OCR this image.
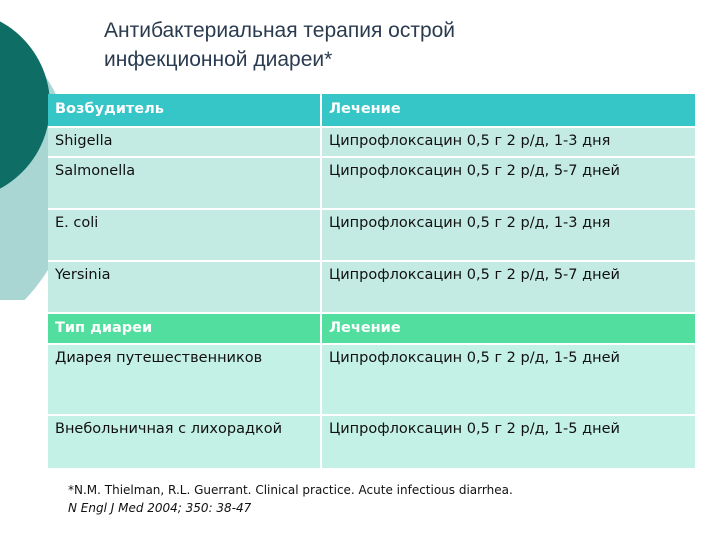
Антибактериальная терапия острой
инфекционной диареи*
Возбудитель	Лечение
Shigella	Ципрофлоксацин 0,5 г 2 р/д, 1-3 дня
Salmonella	Ципрофлоксацин 0,5 г 2 р/д, 5-7 дней
E. coli	Ципрофлоксацин 0,5 г 2 р/д, 1-3 дня
Yersinia	Ципрофлоксацин 0,5 г 2 р/д, 5-7 дней
Тип диареи	Лечение
Диарея путешественников	Ципрофлоксацин 0,5 г 2 р/д, 1-5 дней
Внебольничная с лихорадкой	Ципрофлоксацин 0,5 г 2 р/д, 1-5 дней
*N.M. Thielman, R.L. Guerrant. Clinical practice. Acute infectious diarrhea.
N Engl J Med 2004; 350: 38-47
